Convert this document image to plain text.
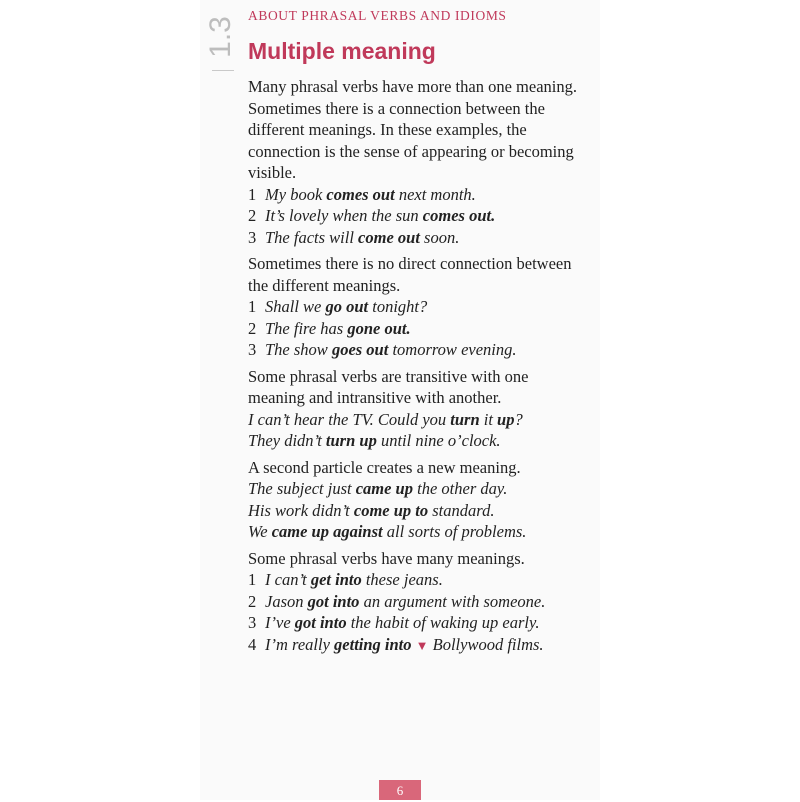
1.3
ABOUT PHRASAL VERBS AND IDIOMS
Multiple meaning

Many phrasal verbs have more than one meaning. Sometimes there is a connection between the different meanings. In these examples, the connection is the sense of appearing or becoming visible.

1 My book comes out next month.
2 It’s lovely when the sun comes out.
3 The facts will come out soon.

Sometimes there is no direct connection between the different meanings.

1 Shall we go out tonight?
2 The fire has gone out.
3 The show goes out tomorrow evening.

Some phrasal verbs are transitive with one meaning and intransitive with another.

I can’t hear the TV. Could you turn it up?
They didn’t turn up until nine o’clock.

A second particle creates a new meaning.

The subject just came up the other day.
His work didn’t come up to standard.
We came up against all sorts of problems.

Some phrasal verbs have many meanings.

1 I can’t get into these jeans.
2 Jason got into an argument with someone.
3 I’ve got into the habit of waking up early.
4 I’m really getting into ▼ Bollywood films.
6
